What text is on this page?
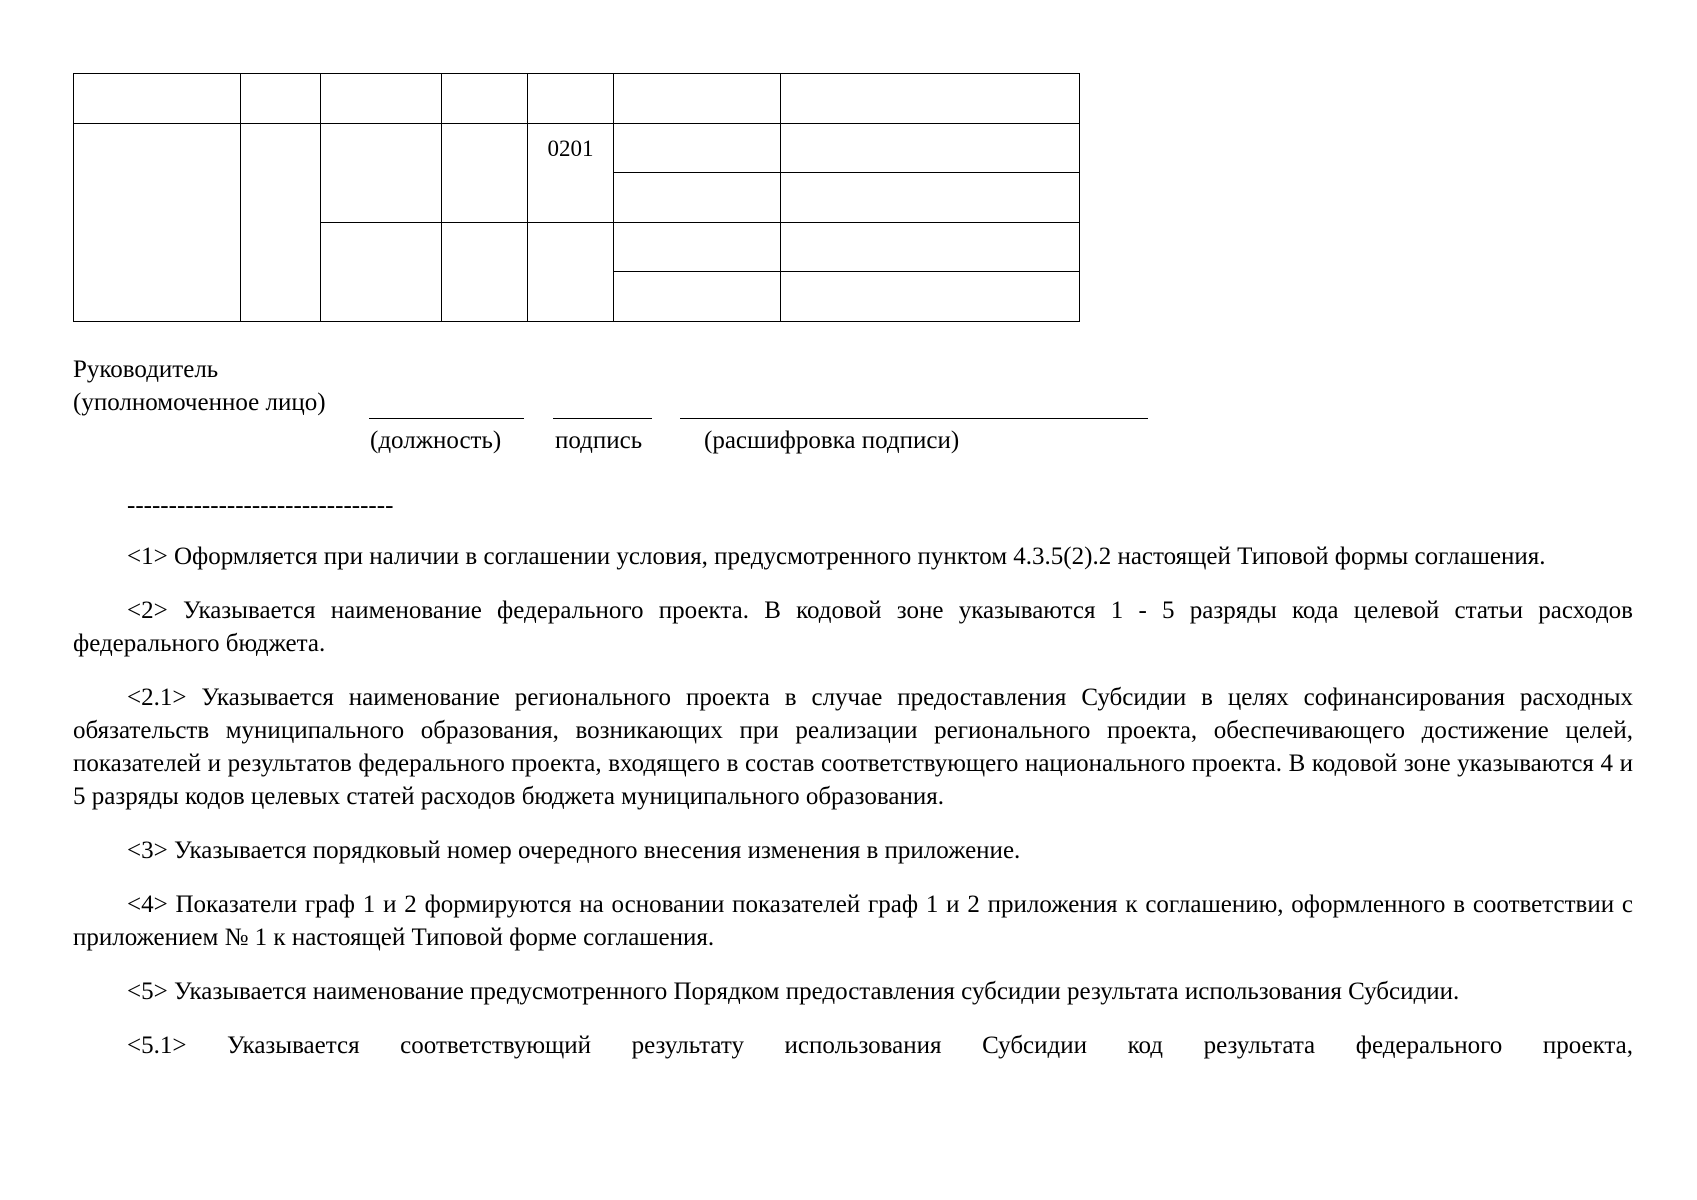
				0201		

Руководитель
(уполномоченное лицо)
(должность) подпись (расшифровка подписи)
--------------------------------

<1> Оформляется при наличии в соглашении условия, предусмотренного пунктом 4.3.5(2).2 настоящей Типовой формы соглашения.

<2> Указывается наименование федерального проекта. В кодовой зоне указываются 1 - 5 разряды кода целевой статьи расходов федерального бюджета.

<2.1> Указывается наименование регионального проекта в случае предоставления Субсидии в целях софинансирования расходных обязательств муниципального образования, возникающих при реализации регионального проекта, обеспечивающего достижение целей, показателей и результатов федерального проекта, входящего в состав соответствующего национального проекта. В кодовой зоне указываются 4 и 5 разряды кодов целевых статей расходов бюджета муниципального образования.

<3> Указывается порядковый номер очередного внесения изменения в приложение.

<4> Показатели граф 1 и 2 формируются на основании показателей граф 1 и 2 приложения к соглашению, оформленного в соответствии с приложением № 1 к настоящей Типовой форме соглашения.

<5> Указывается наименование предусмотренного Порядком предоставления субсидии результата использования Субсидии.

<5.1> Указывается соответствующий результату использования Субсидии код результата федерального проекта,
